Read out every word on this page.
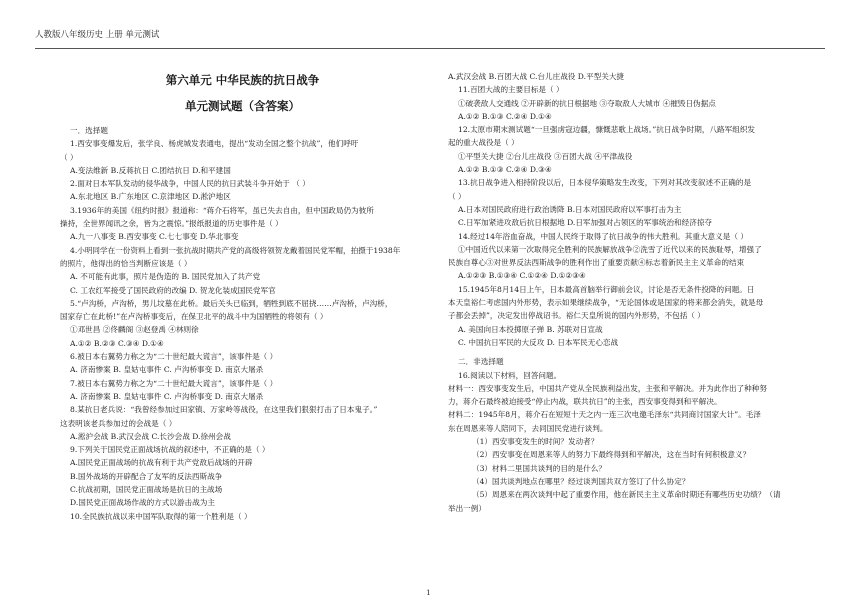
人教版八年级历史 上册 单元测试
第六单元 中华民族的抗日战争
单元测试题（含答案）
一．选择题
1.西安事变爆发后，张学良、杨虎城发表通电，提出“发动全国之整个抗战”，他们呼吁
（ ）
A.变法维新 B.反蒋抗日 C.团结抗日 D.和平建国
2.面对日本军队发动的侵华战争，中国人民的抗日武装斗争开始于 （ ）
A.东北地区 B.广东地区 C.京津地区 D.淞沪地区
3.1936年的美国《纽约时报》报道称：“蒋介石将军，虽已失去自由，但中国政局仍为彼所
操持，全世界闻讯之余，皆为之震惊。”报纸报道的历史事件是（ ）
A.九一八事变 B.西安事变 C.七七事变 D.华北事变
4.小明同学在一份资料上看到一张抗战时期共产党的高级将领贺龙戴着国民党军帽，拍摄于1938年
的照片，他得出的恰当判断应该是（ ）
A. 不可能有此事，照片是伪造的 B. 国民党加入了共产党
C. 工农红军接受了国民政府的改编 D. 贺龙化装成国民党军官
5.“卢沟桥，卢沟桥，男儿坟墓在此桥。最后关头已临到，牺牲到底不屈挠……卢沟桥，卢沟桥，
国家存亡在此桥!”在卢沟桥事变后，在保卫北平的战斗中为国牺牲的将领有（ ）
①邓世昌 ②佟麟阁 ③赵登禹 ④林则徐
A.①② B.②③ C.③④ D.①④
6.被日本右翼势力称之为“二十世纪最大谎言”，该事件是（ ）
A. 济南惨案 B. 皇姑屯事件 C. 卢沟桥事变 D. 南京大屠杀
7.被日本右翼势力称之为“二十世纪最大谎言”，该事件是（ ）
A. 济南惨案 B. 皇姑屯事件 C. 卢沟桥事变 D. 南京大屠杀
8.某抗日老兵说：“我曾经参加过田家镇、万家岭等战役，在这里我们狠狠打击了日本鬼子。”
这表明该老兵参加过的会战是（ ）
A.淞沪会战 B.武汉会战 C.长沙会战 D.徐州会战
9.下列关于国民党正面战场抗战的叙述中，不正确的是（ ）
A.国民党正面战场的抗战有利于共产党敌后战场的开辟
B.国外战场的开辟配合了友军的反法西斯战争
C.抗战初期，国民党正面战场是抗日的主战场
D.国民党正面战场作战的方式以游击战为主
10.全民族抗战以来中国军队取得的第一个胜利是（ ）
A.武汉会战 B.百团大战 C.台儿庄战役 D.平型关大捷
11.百团大战的主要目标是（ ）
①破袭敌人交通线 ②开辟新的抗日根据地 ③夺取敌人大城市 ④摧毁日伪据点
A.①② B.①③ C.②④ D.①④
12.太原市期末测试题“一旦强虏寇边疆，慷慨悲歌上战场。”抗日战争时期，八路军组织发
起的重大战役是（ ）
①平型关大捷 ②台儿庄战役 ③百团大战 ④平津战役
A.①② B.①③ C.②④ D.③④
13.抗日战争进入相持阶段以后，日本侵华策略发生改变，下列对其改变叙述不正确的是
（ ）
A.日本对国民政府进行政治诱降 B.日本对国民政府以军事打击为主
C.日军加紧进攻敌后抗日根据地 D.日军加强对占领区的军事统治和经济掠夺
14.经过14年浴血奋战，中国人民终于取得了抗日战争的伟大胜利。其重大意义是（ ）
①中国近代以来第一次取得完全胜利的民族解放战争②洗雪了近代以来的民族耻辱，增强了
民族自尊心③对世界反法西斯战争的胜利作出了重要贡献④标志着新民主主义革命的结束
A.①②③ B.①③④ C.①②④ D.①②③④
15.1945年8月14日上午，日本最高首脑举行御前会议，讨论是否无条件投降的问题。日
本天皇裕仁考虑国内外形势，表示如果继续战争，“无论国体或是国家的将来都会消失，就是母
子都会丢掉”，决定发出停战诏书。裕仁天皇所说的国内外形势，不包括（ ）
A. 美国向日本投掷原子弹 B. 苏联对日宣战
C. 中国抗日军民的大反攻 D. 日本军民无心恋战
二．非选择题
16.阅读以下材料，回答问题。
材料一：西安事变发生后，中国共产党从全民族利益出发，主张和平解决。并为此作出了种种努
力，蒋介石最终被迫接受“停止内战，联共抗日”的主张，西安事变得到和平解决。
材料二：1945年8月，蒋介石在短短十天之内一连三次电邀毛泽东“共同商讨国家大计”。毛泽
东在周恩来等人陪同下，去同国民党进行谈判。
（1）西安事变发生的时间？发动者？
（2）西安事变在周恩来等人的努力下最终得到和平解决，这在当时有何积极意义？
（3）材料二里国共谈判的目的是什么？
（4）国共谈判地点在哪里？经过谈判国共双方签订了什么协定？
（5）周恩来在两次谈判中起了重要作用，他在新民主主义革命时期还有哪些历史功绩？（请
举出一例）
1
